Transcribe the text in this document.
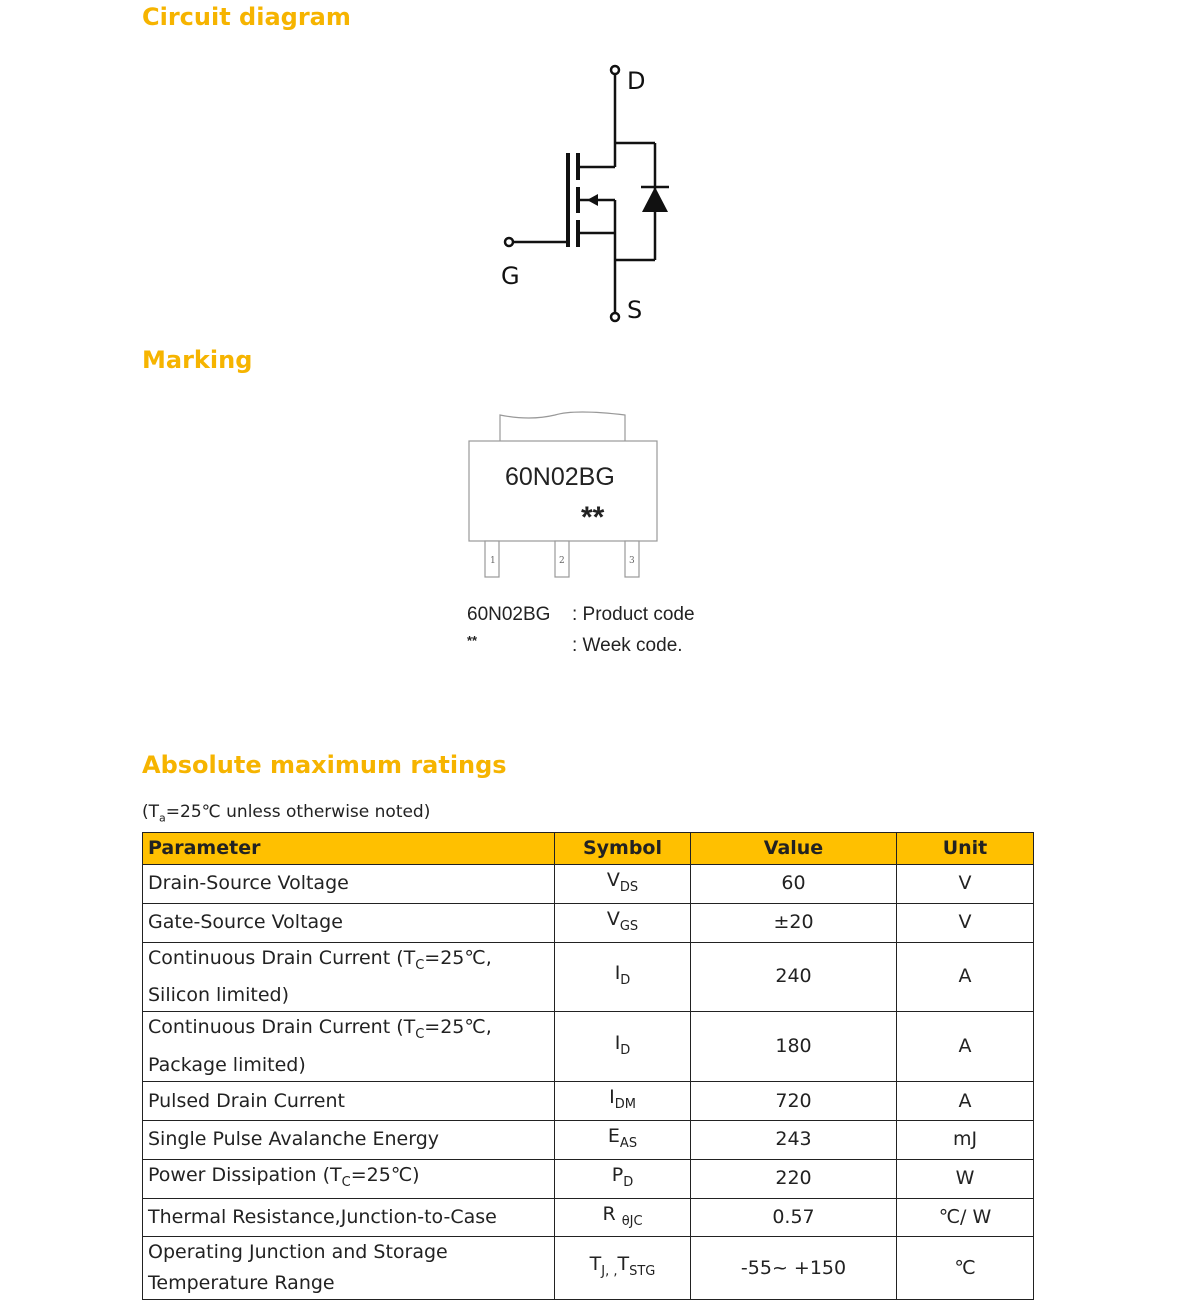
Circuit diagram
D
G
S
Marking
60N02BG
**
1	2	3
60N02BG : Product code
**	: Week code.
Absolute maximum ratings
($T_a=25℃$ unless otherwise noted)
Parameter	Symbol	Value	Unit
Drain-Source Voltage	$V_{DS}$	60	V
Gate-Source Voltage	$V_{GS}$	±20	V
Continuous Drain Current ($T_C=25℃$,
Silicon limited)	$I_D$	240	A
Continuous Drain Current ($T_C=25℃$,
Package limited)	$I_D$	180	A
Pulsed Drain Current	$I_{DM}$	720	A
Single Pulse Avalanche Energy	$E_{AS}$	243	mJ
Power Dissipation $(T_C=25℃)$	$P_D$	220	W
Thermal Resistance,Junction-to-Case	R $_{\theta JC}$	0.57	℃/ W
Operating Junction and Storage
Temperature Range	$T_{J, ,}T_{STG}$	-55~ +150	℃
